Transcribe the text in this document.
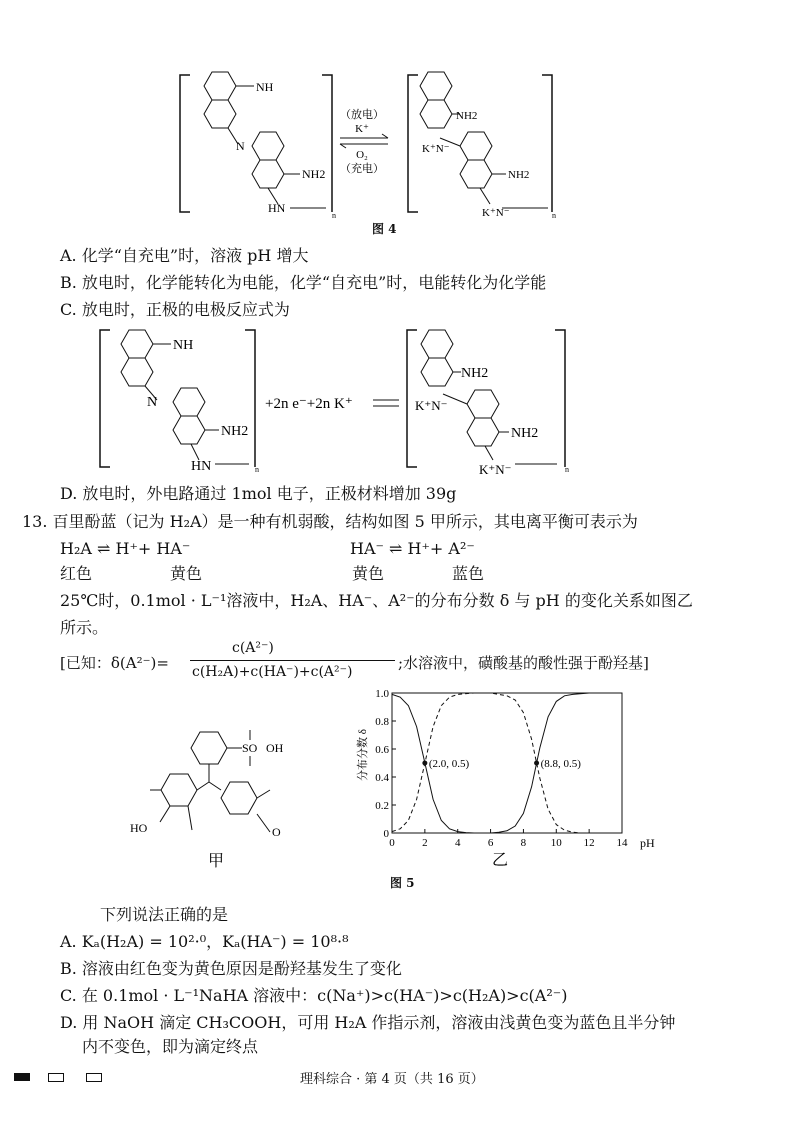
NH
N
NH2
HN
n
（放电）
K⁺
O₂
（充电）
NH2
K⁺N⁻
NH2
K⁺N⁻	n
图 4
A. 化学“自充电”时，溶液 pH 增大
B. 放电时，化学能转化为电能，化学“自充电”时，电能转化为化学能
C. 放电时，正极的电极反应式为
NH
N
NH2
HN	n
+2n e⁻+2n K⁺
NH2
K⁺N⁻
NH2
K⁺N⁻	n
D. 放电时，外电路通过 1mol 电子，正极材料增加 39g
13. 百里酚蓝（记为 H₂A）是一种有机弱酸，结构如图 5 甲所示，其电离平衡可表示为
H₂A ⇌ H⁺+ HA⁻	HA⁻ ⇌ H⁺+ A²⁻
红色	黄色	黄色	蓝色
25℃时，0.1mol · L⁻¹溶液中，H₂A、HA⁻、A²⁻的分布分数 δ 与 pH 的变化关系如图乙
所示。
[已知：δ(A²⁻)=
c(A²⁻)
c(H₂A)+c(HA⁻)+c(A²⁻)	;水溶液中，磺酸基的酸性强于酚羟基]
SO OH
HO	O
甲
分布分数 δ
pH
乙
0 2 4 6 8 10 12 14
0
0.2
0.4
0.6
0.8
1.0
(2.0, 0.5)	(8.8, 0.5)
图 5
下列说法正确的是
A. Kₐ(H₂A) = 10²·⁰，Kₐ(HA⁻) = 10⁸·⁸
B. 溶液由红色变为黄色原因是酚羟基发生了变化
C. 在 0.1mol · L⁻¹NaHA 溶液中：c(Na⁺)>c(HA⁻)>c(H₂A)>c(A²⁻)
D. 用 NaOH 滴定 CH₃COOH，可用 H₂A 作指示剂，溶液由浅黄色变为蓝色且半分钟
内不变色，即为滴定终点
理科综合 · 第 4 页（共 16 页）
